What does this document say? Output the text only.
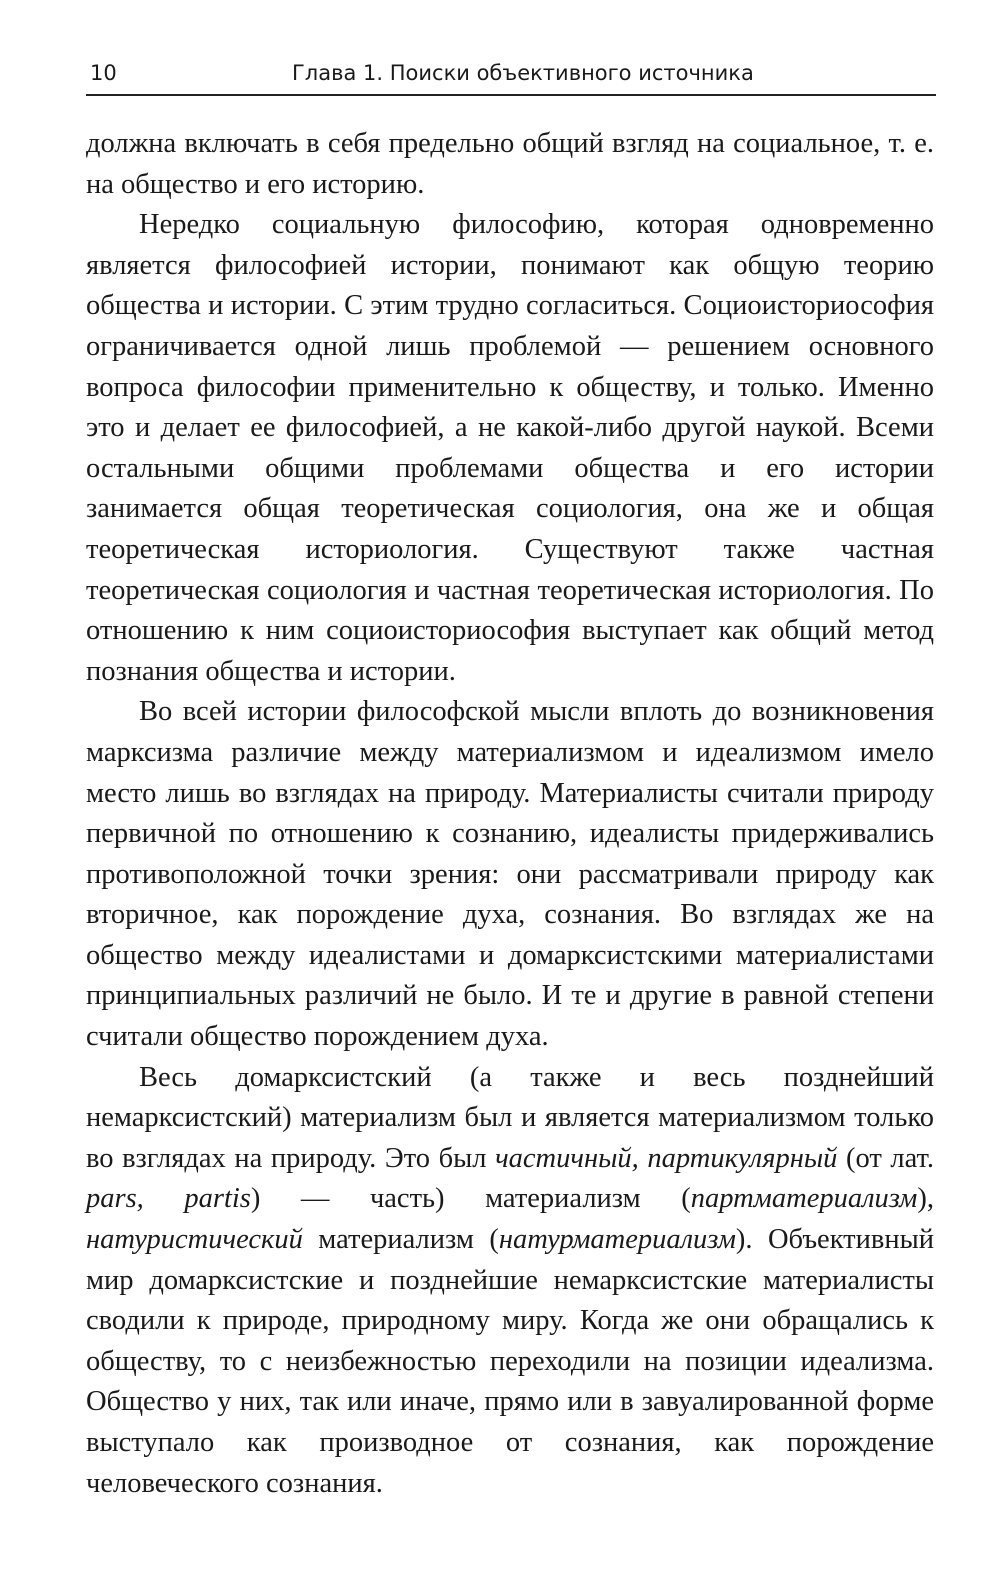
10	Глава 1. Поиски объективного источника

должна включать в себя предельно общий взгляд на социальное, т. е. на общество и его историю.

Нередко социальную философию, которая одновременно является философией истории, понимают как общую теорию общества и истории. С этим трудно согласиться. Социоисториософия ограничивается одной лишь проблемой — решением основного вопроса философии применительно к обществу, и только. Именно это и делает ее философией, а не какой-либо другой наукой. Всеми остальными общими проблемами общества и его истории занимается общая теоретическая социология, она же и общая теоретическая историология. Существуют также частная теоретическая социология и частная теоретическая историология. По отношению к ним социоисториософия выступает как общий метод познания общества и истории.

Во всей истории философской мысли вплоть до возникновения марксизма различие между материализмом и идеализмом имело место лишь во взглядах на природу. Материалисты считали природу первичной по отношению к сознанию, идеалисты придерживались противоположной точки зрения: они рассматривали природу как вторичное, как порождение духа, сознания. Во взглядах же на общество между идеалистами и домарксистскими материалистами принципиальных различий не было. И те и другие в равной степени считали общество порождением духа.

Весь домарксистский (а также и весь позднейший немарксистский) материализм был и является материализмом только во взглядах на природу. Это был частичный, партикулярный (от лат. pars, partis) — часть) материализм (партматериализм), натуристический материализм (натурматериализм). Объективный мир домарксистские и позднейшие немарксистские материалисты сводили к природе, природному миру. Когда же они обращались к обществу, то с неизбежностью переходили на позиции идеализма. Общество у них, так или иначе, прямо или в завуалированной форме выступало как производное от сознания, как порождение человеческого сознания.
